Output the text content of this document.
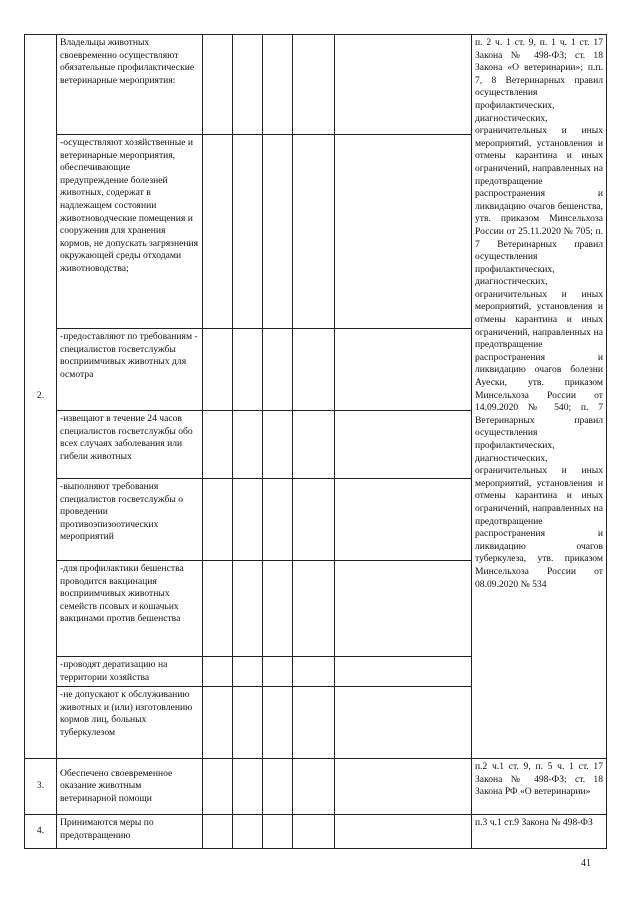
2.	Владельцы животных своевременно осуществляют обязательные профилактические ветеринарные мероприятия:						п. 2 ч. 1 ст. 9, п. 1 ч. 1 ст. 17 Закона № 498-ФЗ; ст. 18 Закона «О ветеринарии»; п.п. 7, 8 Ветеринарных правил осуществления профилактических, диагностических, ограничительных и иных мероприятий, установления и отмены карантина и иных ограничений, направленных на предотвращение распространения и ликвидацию очагов бешенства, утв. приказом Минсельхоза России от 25.11.2020 № 705; п. 7 Ветеринарных правил осуществления профилактических, диагностических, ограничительных и иных мероприятий, установления и отмены карантина и иных ограничений, направленных на предотвращение распространения и ликвидацию очагов болезни Ауески, утв. приказом Минсельхоза России от 14.09.2020 № 540; п. 7 Ветеринарных правил осуществления профилактических, диагностических, ограничительных и иных мероприятий, установления и отмены карантина и иных ограничений, направленных на предотвращение распространения и ликвидацию очагов туберкулеза, утв. приказом Минсельхоза России от 08.09.2020 № 534
	-осуществляют хозяйственные и ветеринарные мероприятия, обеспечивающие предупреждение болезней животных, содержат в надлежащем состоянии животноводческие помещения и сооружения для хранения кормов, не допускать загрязнения окружающей среды отходами животноводства;						
	-предоставляют по требованиям - специалистов госветслужбы восприимчивых животных для осмотра						
	-извещают в течение 24 часов специалистов госветслужбы обо всех случаях заболевания или гибели животных						
	-выполняют требования специалистов госветслужбы о проведении противоэпизоотических мероприятий						
	-для профилактики бешенства проводится вакцинация восприимчивых животных семейств псовых и кошачьих вакцинами против бешенства						
	-проводят дератизацию на территории хозяйства						
	-не допускают к обслуживанию животных и (или) изготовлению кормов лиц, больных туберкулезом						
3.	Обеспечено своевременное оказание животным ветеринарной помощи						п.2 ч.1 ст. 9, п. 5 ч. 1 ст. 17 Закона № 498-ФЗ; ст. 18 Закона РФ «О ветеринарии»
4.	Принимаются меры по предотвращению						п.3 ч.1 ст.9 Закона № 498-ФЗ
41
